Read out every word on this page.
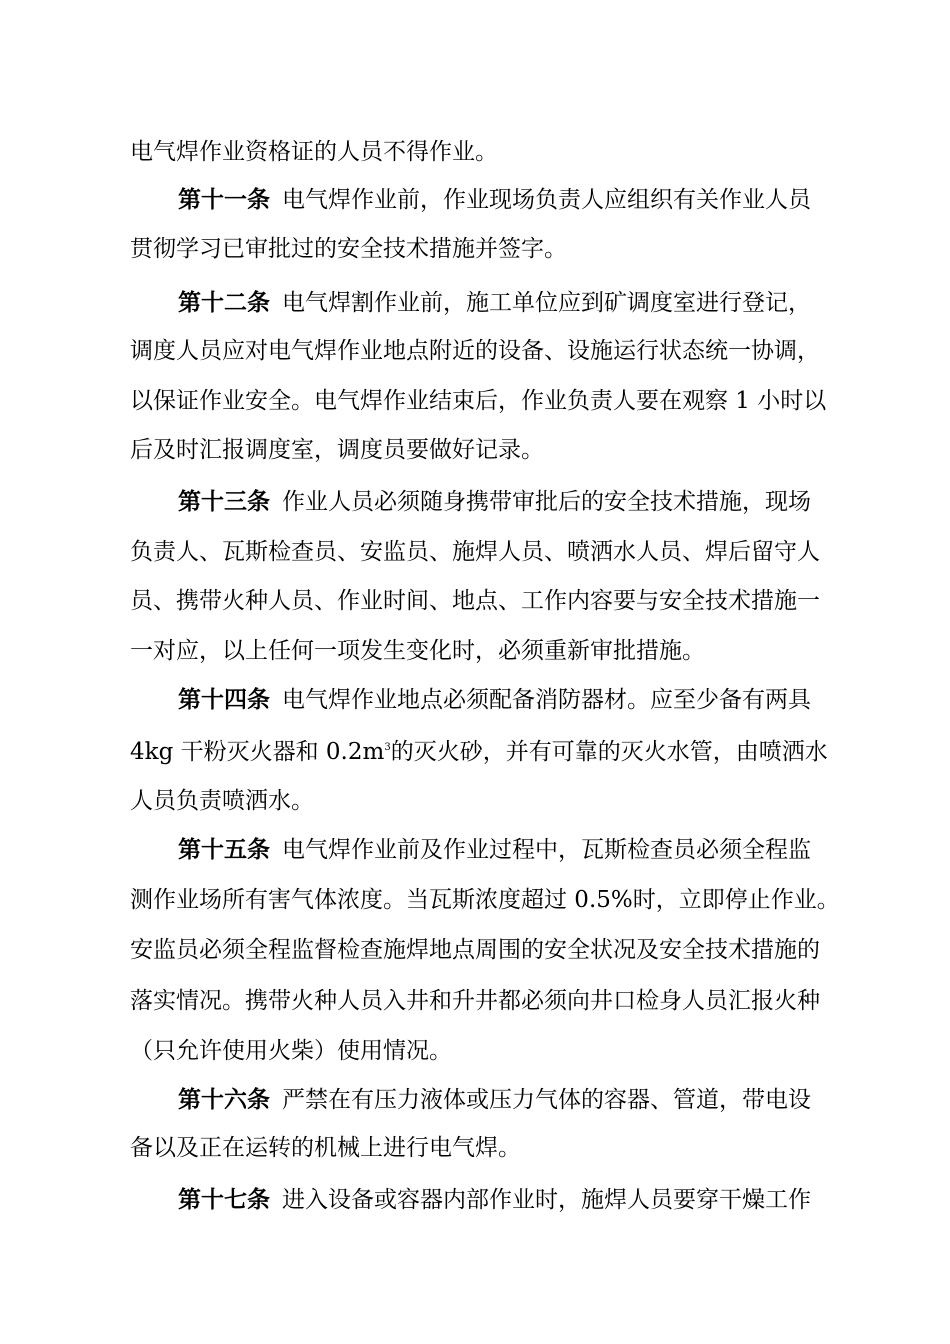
电气焊作业资格证的人员不得作业。
第十一条 电气焊作业前，作业现场负责人应组织有关作业人员
贯彻学习已审批过的安全技术措施并签字。
第十二条 电气焊割作业前，施工单位应到矿调度室进行登记，
调度人员应对电气焊作业地点附近的设备、设施运行状态统一协调，
以保证作业安全。电气焊作业结束后，作业负责人要在观察 1 小时以
后及时汇报调度室，调度员要做好记录。
第十三条 作业人员必须随身携带审批后的安全技术措施，现场
负责人、瓦斯检查员、安监员、施焊人员、喷洒水人员、焊后留守人
员、携带火种人员、作业时间、地点、工作内容要与安全技术措施一
一对应，以上任何一项发生变化时，必须重新审批措施。
第十四条 电气焊作业地点必须配备消防器材。应至少备有两具
4kg 干粉灭火器和 $0.2m^3$的灭火砂，并有可靠的灭火水管，由喷洒水
人员负责喷洒水。
第十五条 电气焊作业前及作业过程中，瓦斯检查员必须全程监
测作业场所有害气体浓度。当瓦斯浓度超过 0.5%时，立即停止作业。
安监员必须全程监督检查施焊地点周围的安全状况及安全技术措施的
落实情况。携带火种人员入井和升井都必须向井口检身人员汇报火种
（只允许使用火柴）使用情况。
第十六条 严禁在有压力液体或压力气体的容器、管道，带电设
备以及正在运转的机械上进行电气焊。
第十七条 进入设备或容器内部作业时，施焊人员要穿干燥工作
